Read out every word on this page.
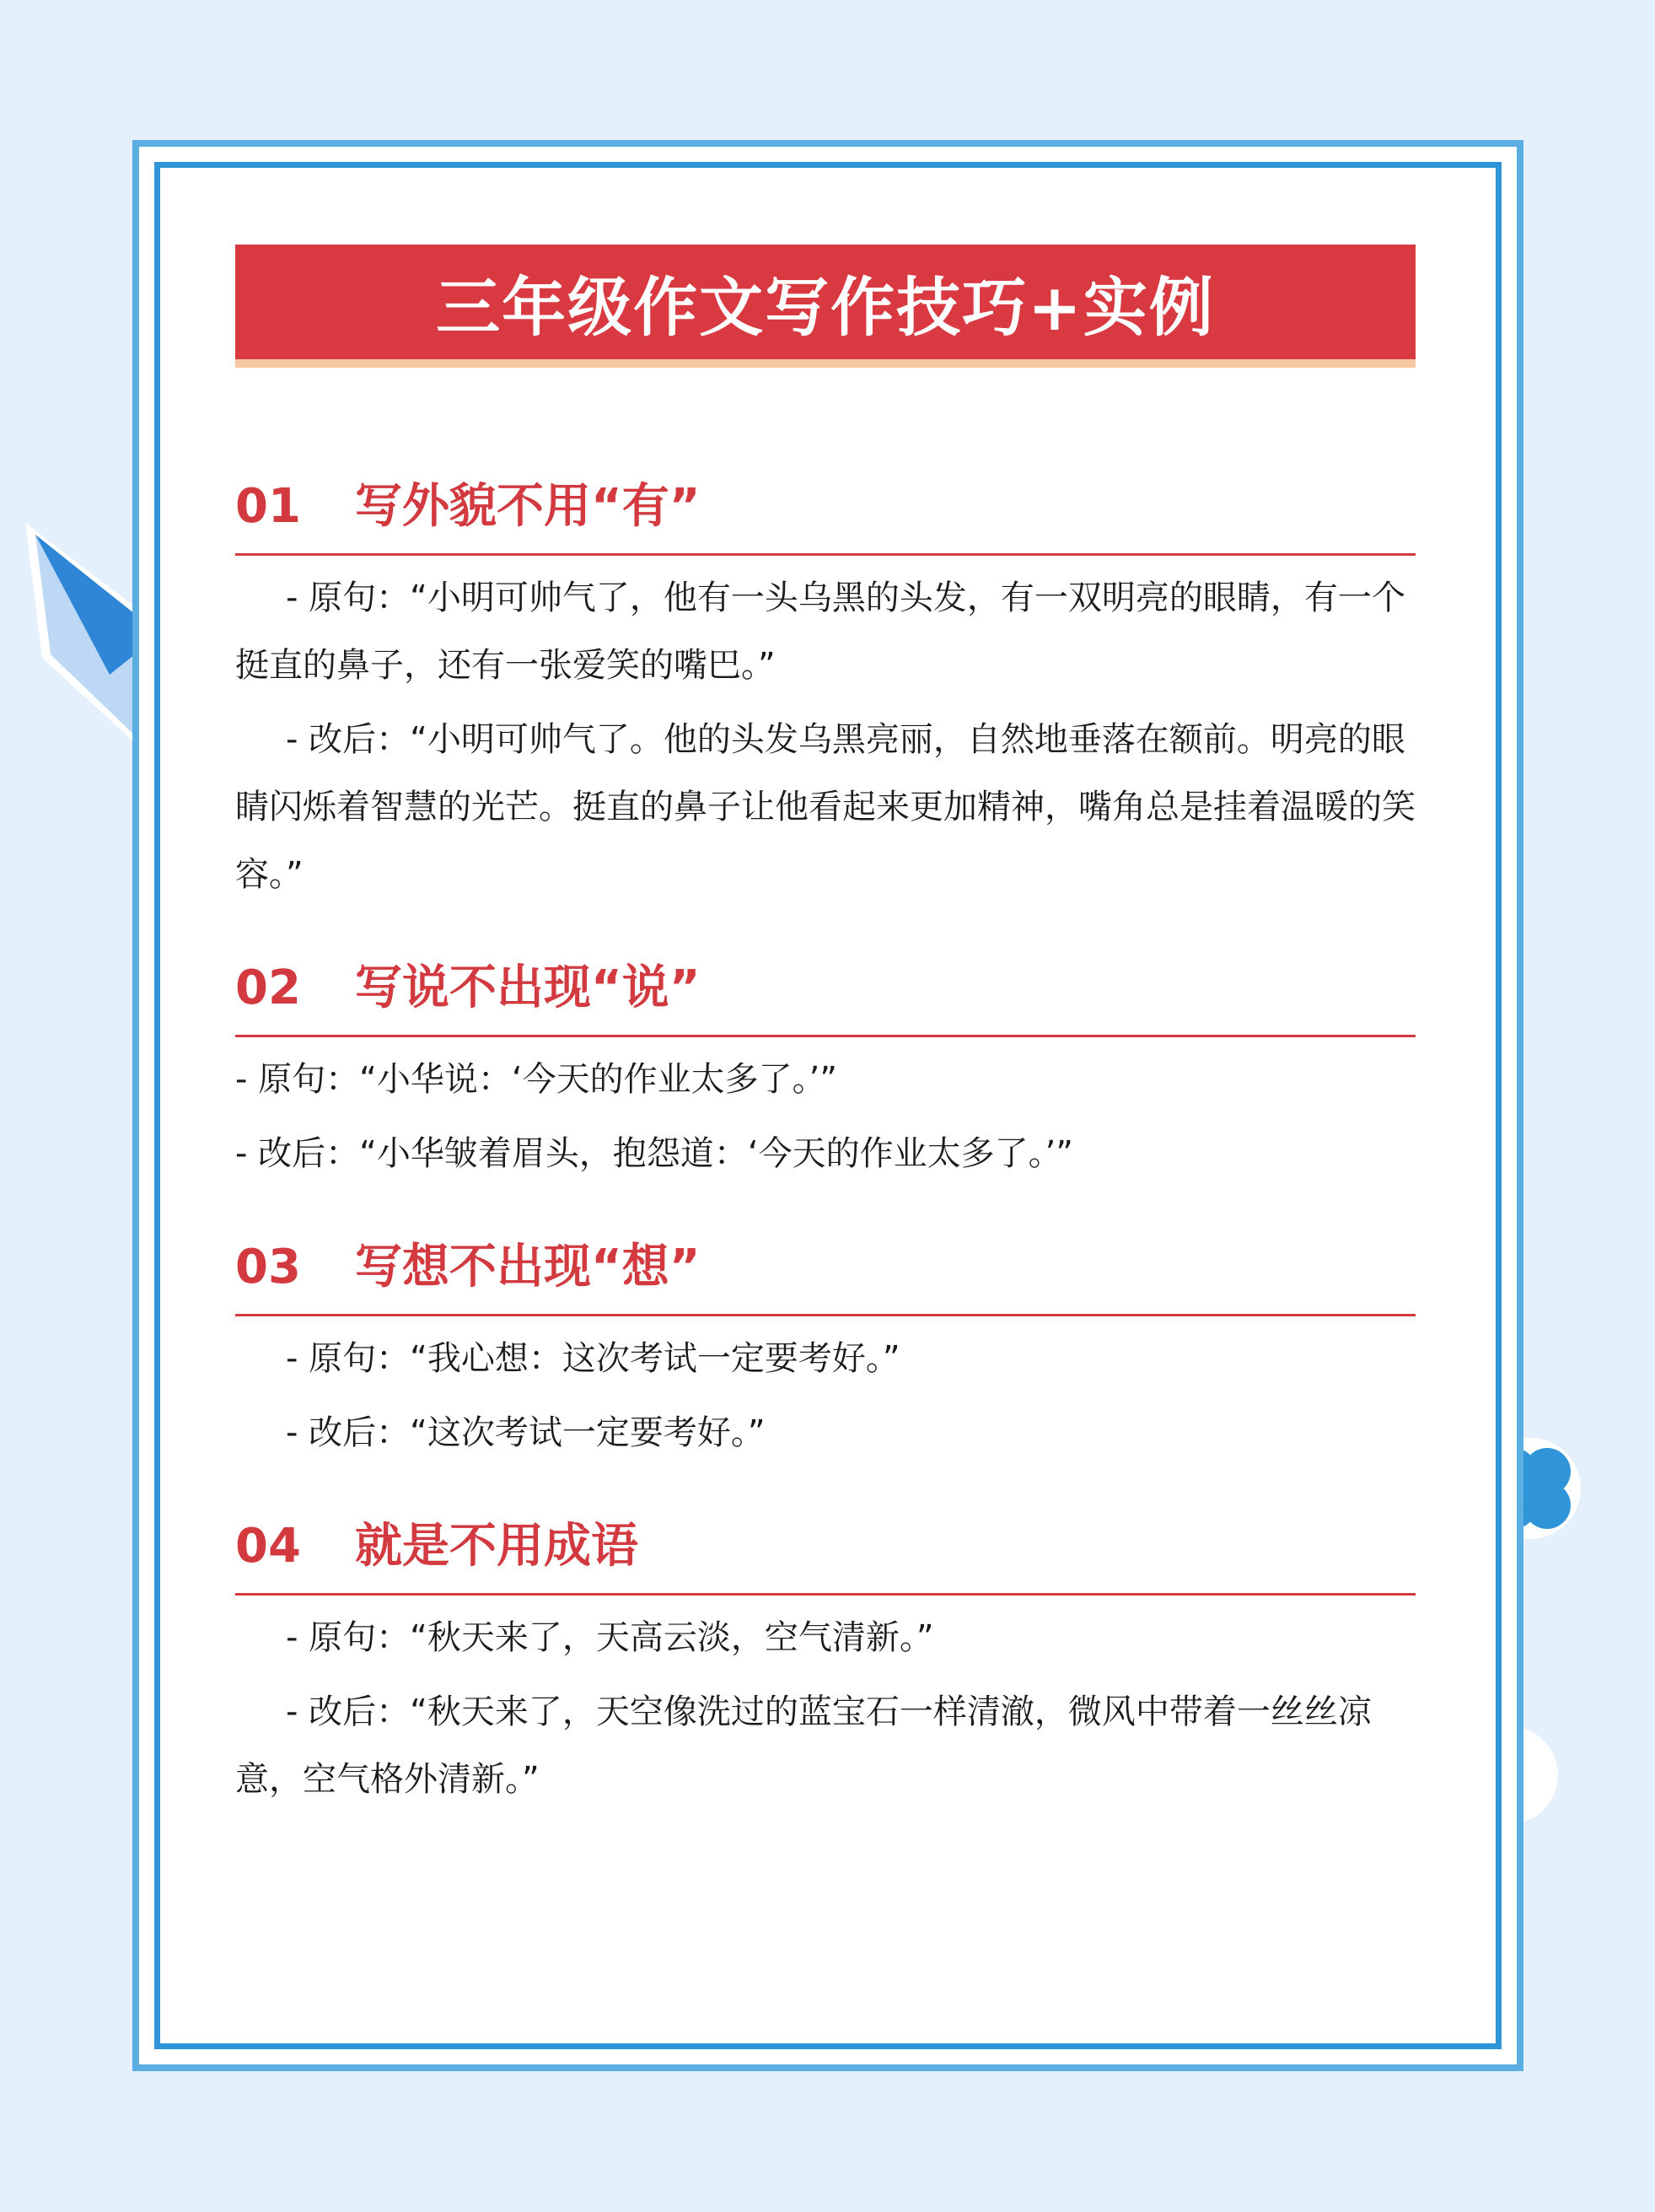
三年级作文写作技巧+实例
01	写外貌不用“有”

- 原句：“小明可帅气了，他有一头乌黑的头发，有一双明亮的眼睛，有一个挺直的鼻子，还有一张爱笑的嘴巴。”

- 改后：“小明可帅气了。他的头发乌黑亮丽，自然地垂落在额前。明亮的眼睛闪烁着智慧的光芒。挺直的鼻子让他看起来更加精神，嘴角总是挂着温暖的笑容。”

02	写说不出现“说”

- 原句：“小华说：‘今天的作业太多了。’”

- 改后：“小华皱着眉头，抱怨道：‘今天的作业太多了。’”

03	写想不出现“想”

- 原句：“我心想：这次考试一定要考好。”

- 改后：“这次考试一定要考好。”

04	就是不用成语

- 原句：“秋天来了，天高云淡，空气清新。”

- 改后：“秋天来了，天空像洗过的蓝宝石一样清澈，微风中带着一丝丝凉意，空气格外清新。”
